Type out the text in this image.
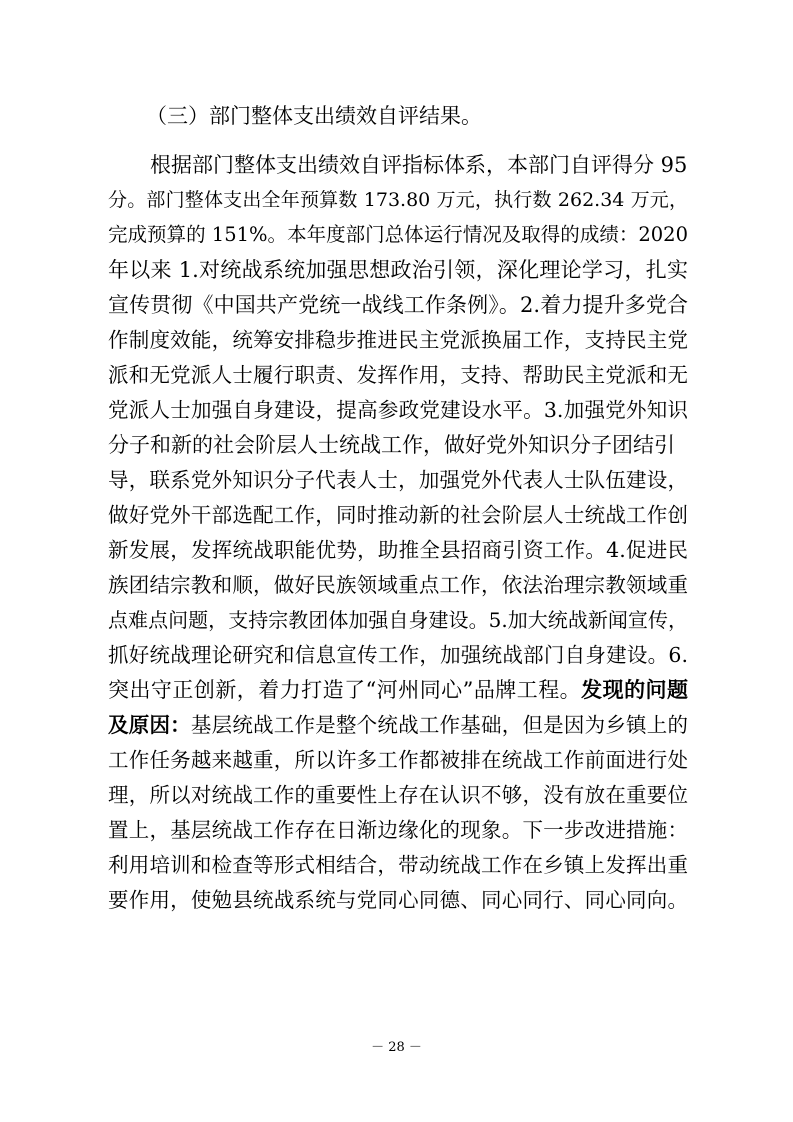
（三）部门整体支出绩效自评结果。
根据部门整体支出绩效自评指标体系，本部门自评得分 95
分。部门整体支出全年预算数 173.80 万元，执行数 262.34 万元，
完成预算的 151%。本年度部门总体运行情况及取得的成绩：2020
年以来 1.对统战系统加强思想政治引领，深化理论学习，扎实
宣传贯彻《中国共产党统一战线工作条例》。2.着力提升多党合
作制度效能，统筹安排稳步推进民主党派换届工作，支持民主党
派和无党派人士履行职责、发挥作用，支持、帮助民主党派和无
党派人士加强自身建设，提高参政党建设水平。3.加强党外知识
分子和新的社会阶层人士统战工作，做好党外知识分子团结引
导，联系党外知识分子代表人士，加强党外代表人士队伍建设，
做好党外干部选配工作，同时推动新的社会阶层人士统战工作创
新发展，发挥统战职能优势，助推全县招商引资工作。4.促进民
族团结宗教和顺，做好民族领域重点工作，依法治理宗教领域重
点难点问题，支持宗教团体加强自身建设。5.加大统战新闻宣传，
抓好统战理论研究和信息宣传工作，加强统战部门自身建设。6.
突出守正创新，着力打造了“河州同心”品牌工程。发现的问题
及原因：基层统战工作是整个统战工作基础，但是因为乡镇上的
工作任务越来越重，所以许多工作都被排在统战工作前面进行处
理，所以对统战工作的重要性上存在认识不够，没有放在重要位
置上，基层统战工作存在日渐边缘化的现象。下一步改进措施：
利用培训和检查等形式相结合，带动统战工作在乡镇上发挥出重
要作用，使勉县统战系统与党同心同德、同心同行、同心同向。
－ 28 －
